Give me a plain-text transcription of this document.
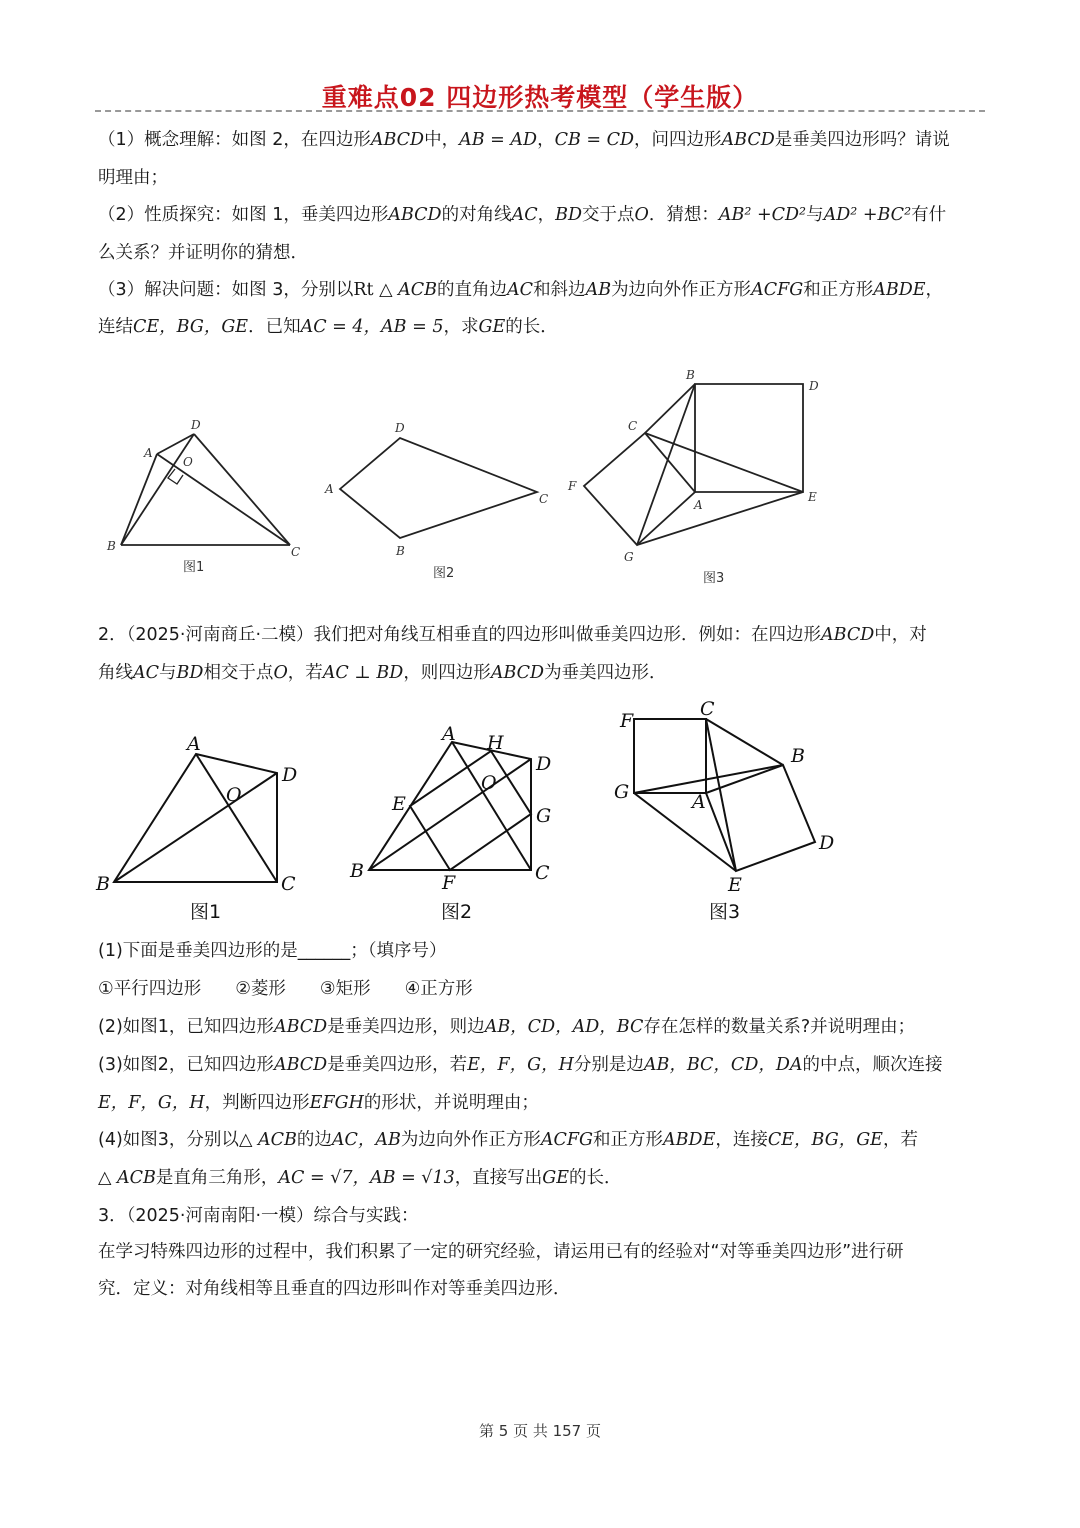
重难点02 四边形热考模型（学生版）
（1）概念理解：如图 2，在四边形ABCD中，AB = AD，CB = CD，问四边形ABCD是垂美四边形吗？请说
明理由；
（2）性质探究：如图 1，垂美四边形ABCD的对角线AC，BD交于点O．猜想：AB² +CD²与AD² +BC²有什
么关系？并证明你的猜想．
（3）解决问题：如图 3，分别以Rt △ ACB的直角边AC和斜边AB为边向外作正方形ACFG和正方形ABDE，
连结CE，BG，GE．已知AC = 4，AB = 5，求GE的长．
D
A
O
B	C
图1
D
A
C
B
图2
B
D
C
F
A
E
G
图3
2．（2025·河南商丘·二模）我们把对角线互相垂直的四边形叫做垂美四边形．例如：在四边形ABCD中，对
角线AC与BD相交于点O，若AC ⊥ BD，则四边形ABCD为垂美四边形．
A
D
O
B	C
图1
A H
D
O
E
G
B	C
F
图2
F
C
B
G	A
D
E
图3
(1)下面是垂美四边形的是______；（填序号）
①平行四边形 ②菱形 ③矩形 ④正方形
(2)如图1，已知四边形ABCD是垂美四边形，则边AB，CD，AD，BC存在怎样的数量关系?并说明理由；
(3)如图2，已知四边形ABCD是垂美四边形，若E，F，G，H分别是边AB，BC，CD，DA的中点，顺次连接
E，F，G，H，判断四边形EFGH的形状，并说明理由；
(4)如图3，分别以△ ACB的边AC，AB为边向外作正方形ACFG和正方形ABDE，连接CE，BG，GE，若
△ ACB是直角三角形，AC = √7，AB = √13，直接写出GE的长．
3．（2025·河南南阳·一模）综合与实践：
在学习特殊四边形的过程中，我们积累了一定的研究经验，请运用已有的经验对“对等垂美四边形”进行研
究．定义：对角线相等且垂直的四边形叫作对等垂美四边形．
第 5 页 共 157 页
